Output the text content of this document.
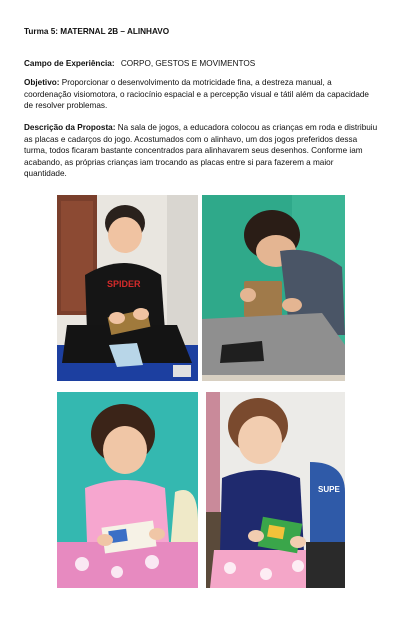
Turma 5: MATERNAL 2B – ALINHAVO
Campo de Experiência: CORPO, GESTOS E MOVIMENTOS
Objetivo: Proporcionar o desenvolvimento da motricidade fina, a destreza manual, a
coordenação visiomotora, o raciocínio espacial e a percepção visual e tátil além da capacidade
de resolver problemas.
Descrição da Proposta: Na sala de jogos, a educadora colocou as crianças em roda e distribuiu
as placas e cadarços do jogo. Acostumados com o alinhavo, um dos jogos preferidos dessa
turma, todos ficaram bastante concentrados para alinhavarem seus desenhos. Conforme iam
acabando, as próprias crianças iam trocando as placas entre si para fazerem a maior
quantidade.
SPIDER
SUPE
